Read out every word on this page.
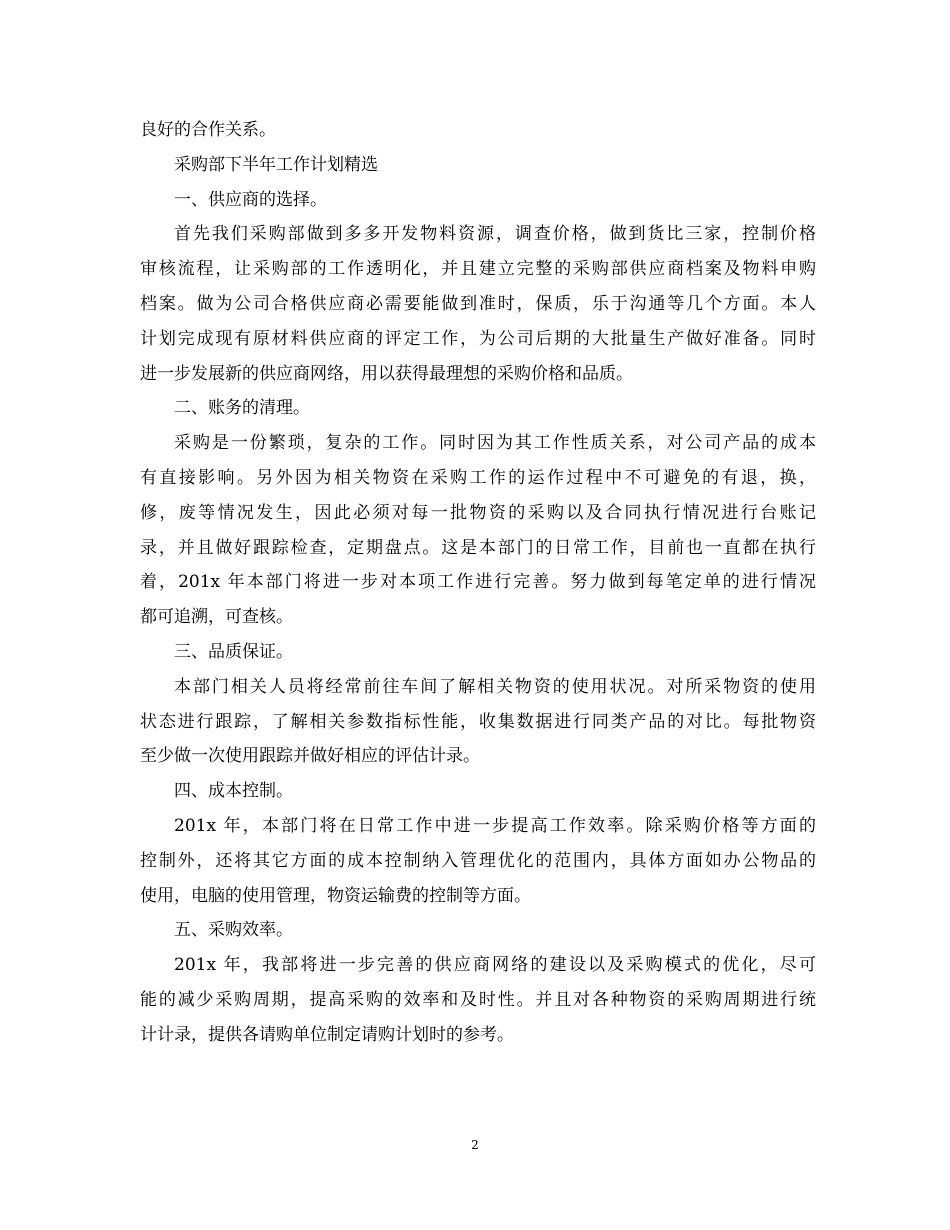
良好的合作关系。
采购部下半年工作计划精选
一、供应商的选择。
首先我们采购部做到多多开发物料资源，调查价格，做到货比三家，控制价格
审核流程，让采购部的工作透明化，并且建立完整的采购部供应商档案及物料申购
档案。做为公司合格供应商必需要能做到准时，保质，乐于沟通等几个方面。本人
计划完成现有原材料供应商的评定工作，为公司后期的大批量生产做好准备。同时
进一步发展新的供应商网络，用以获得最理想的采购价格和品质。
二、账务的清理。
采购是一份繁琐，复杂的工作。同时因为其工作性质关系，对公司产品的成本
有直接影响。另外因为相关物资在采购工作的运作过程中不可避免的有退，换，
修，废等情况发生，因此必须对每一批物资的采购以及合同执行情况进行台账记
录，并且做好跟踪检查，定期盘点。这是本部门的日常工作，目前也一直都在执行
着，201x 年本部门将进一步对本项工作进行完善。努力做到每笔定单的进行情况
都可追溯，可查核。
三、品质保证。
本部门相关人员将经常前往车间了解相关物资的使用状况。对所采物资的使用
状态进行跟踪，了解相关参数指标性能，收集数据进行同类产品的对比。每批物资
至少做一次使用跟踪并做好相应的评估计录。
四、成本控制。
201x 年，本部门将在日常工作中进一步提高工作效率。除采购价格等方面的
控制外，还将其它方面的成本控制纳入管理优化的范围内，具体方面如办公物品的
使用，电脑的使用管理，物资运输费的控制等方面。
五、采购效率。
201x 年，我部将进一步完善的供应商网络的建设以及采购模式的优化，尽可
能的减少采购周期，提高采购的效率和及时性。并且对各种物资的采购周期进行统
计计录，提供各请购单位制定请购计划时的参考。
2
